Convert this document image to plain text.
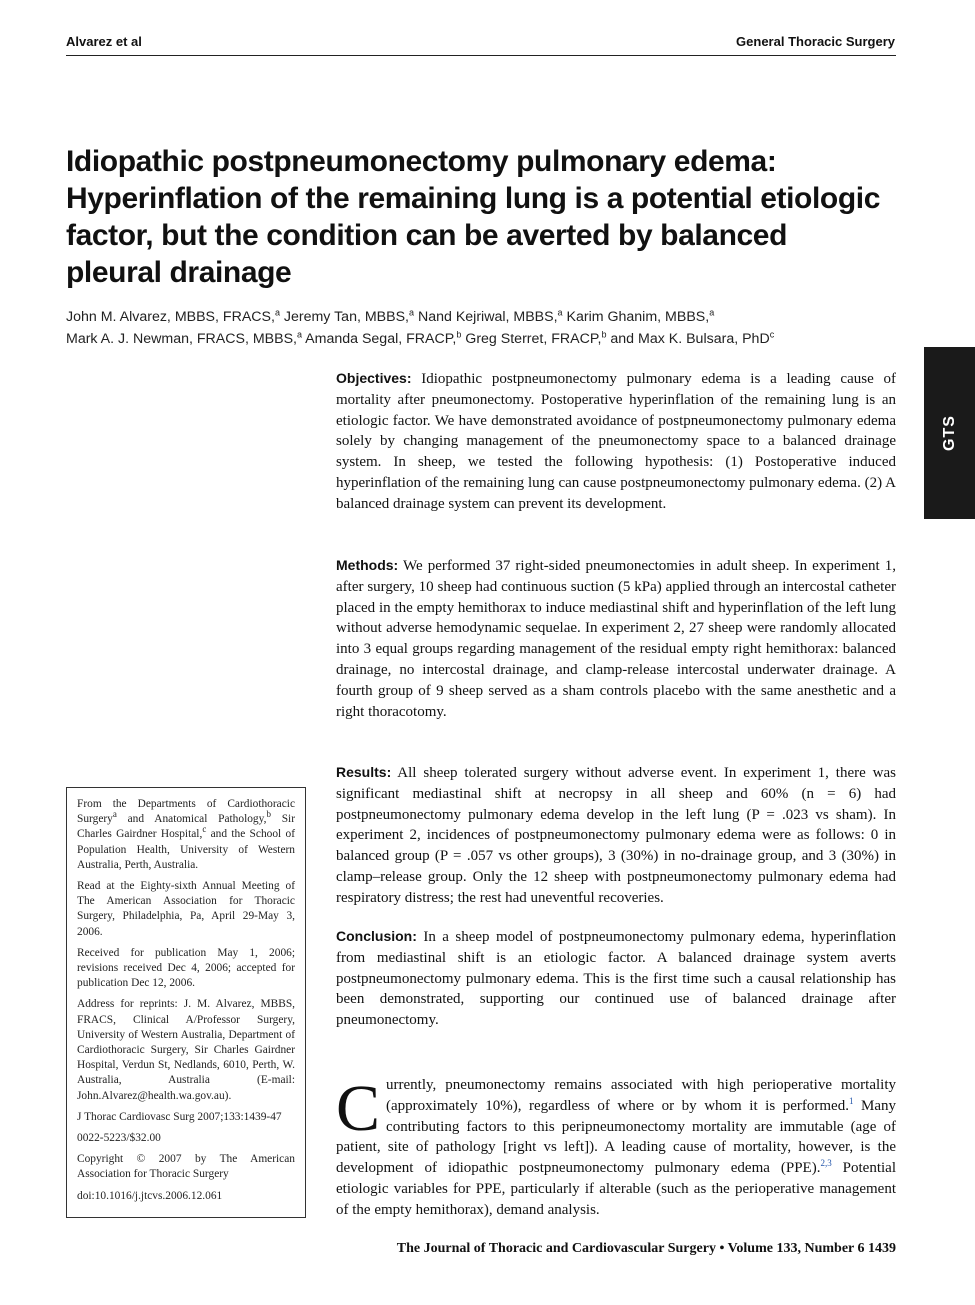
Alvarez et al	General Thoracic Surgery
Idiopathic postpneumonectomy pulmonary edema:
Hyperinflation of the remaining lung is a potential etiologic
factor, but the condition can be averted by balanced
pleural drainage
John M. Alvarez, MBBS, FRACS,$^a$ Jeremy Tan, MBBS,$^a$ Nand Kejriwal, MBBS,$^a$ Karim Ghanim, MBBS,$^a$
Mark A. J. Newman, FRACS, MBBS,$^a$ Amanda Segal, FRACP,$^b$ Greg Sterret, FRACP,$^b$ and Max K. Bulsara, PhD$^c$
GTS

Objectives: Idiopathic postpneumonectomy pulmonary edema is a leading cause of mortality after pneumonectomy. Postoperative hyperinflation of the remaining lung is an etiologic factor. We have demonstrated avoidance of postpneumonectomy pulmonary edema solely by changing management of the pneumonectomy space to a balanced drainage system. In sheep, we tested the following hypothesis: (1) Postoperative induced hyperinflation of the remaining lung can cause postpneumonectomy pulmonary edema. (2) A balanced drainage system can prevent its development.

Methods: We performed 37 right-sided pneumonectomies in adult sheep. In experiment 1, after surgery, 10 sheep had continuous suction (5 kPa) applied through an intercostal catheter placed in the empty hemithorax to induce mediastinal shift and hyperinflation of the left lung without adverse hemodynamic sequelae. In experiment 2, 27 sheep were randomly allocated into 3 equal groups regarding management of the residual empty right hemithorax: balanced drainage, no intercostal drainage, and clamp-release intercostal underwater drainage. A fourth group of 9 sheep served as a sham controls placebo with the same anesthetic and a right thoracotomy.

Results: All sheep tolerated surgery without adverse event. In experiment 1, there was significant mediastinal shift at necropsy in all sheep and 60% (n = 6) had postpneumonectomy pulmonary edema develop in the left lung (P = .023 vs sham). In experiment 2, incidences of postpneumonectomy pulmonary edema were as follows: 0 in balanced group (P = .057 vs other groups), 3 (30%) in no-drainage group, and 3 (30%) in clamp–release group. Only the 12 sheep with postpneumonectomy pulmonary edema had respiratory distress; the rest had uneventful recoveries.

Conclusion: In a sheep model of postpneumonectomy pulmonary edema, hyperinflation from mediastinal shift is an etiologic factor. A balanced drainage system averts postpneumonectomy pulmonary edema. This is the first time such a causal relationship has been demonstrated, supporting our continued use of balanced drainage after pneumonectomy.

From the Departments of Cardiothoracic Surgery$^a$ and Anatomical Pathology,$^b$ Sir Charles Gairdner Hospital,$^c$ and the School of Population Health, University of Western Australia, Perth, Australia.

Read at the Eighty-sixth Annual Meeting of The American Association for Thoracic Surgery, Philadelphia, Pa, April 29-May 3, 2006.

Received for publication May 1, 2006; revisions received Dec 4, 2006; accepted for publication Dec 12, 2006.

Address for reprints: J. M. Alvarez, MBBS, FRACS, Clinical A/Professor Surgery, University of Western Australia, Department of Cardiothoracic Surgery, Sir Charles Gairdner Hospital, Verdun St, Nedlands, 6010, Perth, W. Australia, Australia (E-mail: John.Alvarez@health.wa.gov.au).

J Thorac Cardiovasc Surg 2007;133:1439-47

0022-5223/$32.00

Copyright © 2007 by The American Association for Thoracic Surgery

doi:10.1016/j.jtcvs.2006.12.061

Currently, pneumonectomy remains associated with high perioperative mortality (approximately 10%), regardless of where or by whom it is performed.$^1$ Many contributing factors to this peripneumonectomy mortality are immutable (age of patient, site of pathology [right vs left]). A leading cause of mortality, however, is the development of idiopathic postpneumonectomy pulmonary edema (PPE).$^{2,3}$ Potential etiologic variables for PPE, particularly if alterable (such as the perioperative management of the empty hemithorax), demand analysis.

The Journal of Thoracic and Cardiovascular Surgery • Volume 133, Number 6 1439
